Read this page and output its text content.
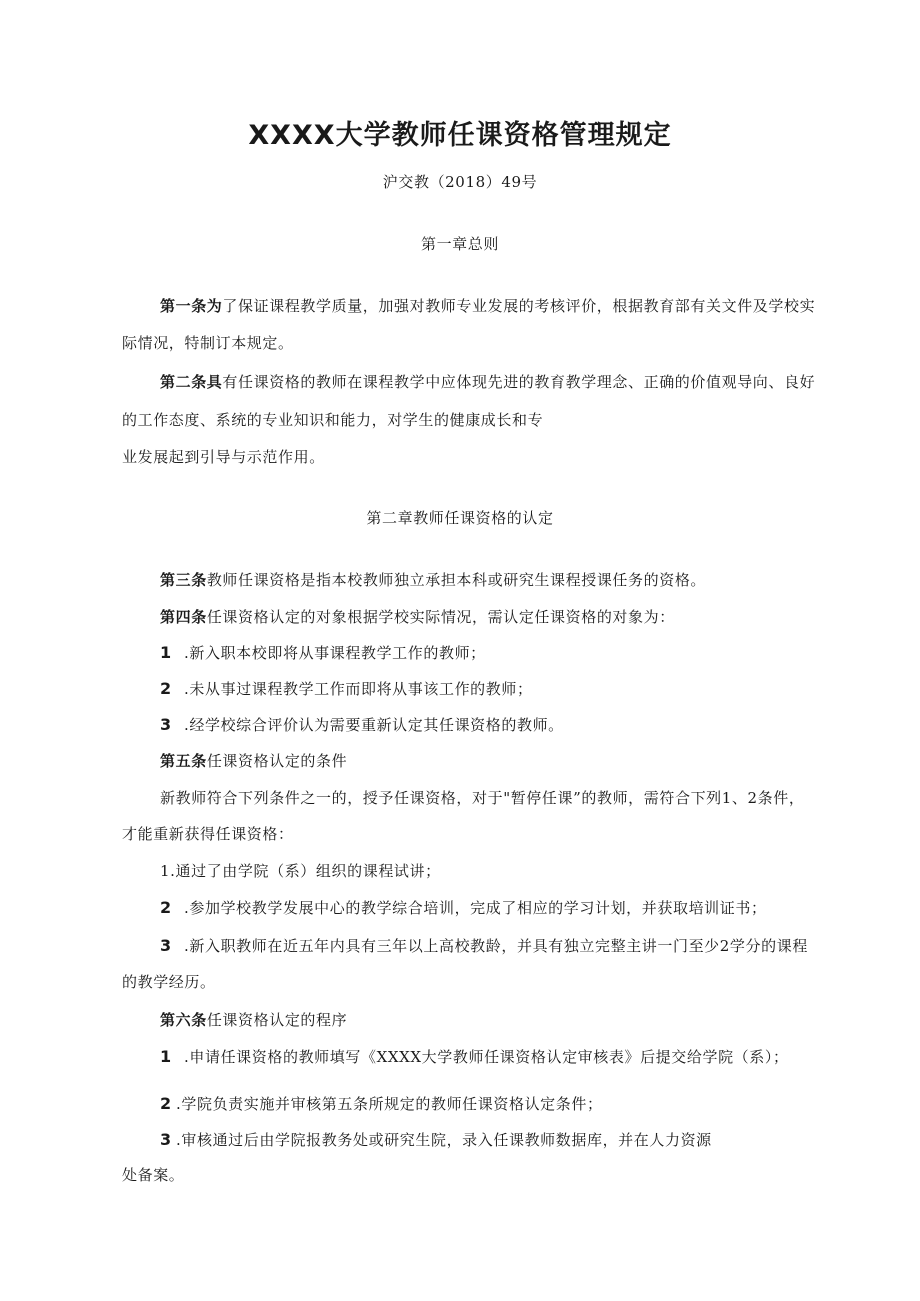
XXXX大学教师任课资格管理规定
沪交教（2018）49号
第一章总则
第一条为了保证课程教学质量，加强对教师专业发展的考核评价，根据教育部有关文件及学校实
际情况，特制订本规定。
第二条具有任课资格的教师在课程教学中应体现先进的教育教学理念、正确的价值观导向、良好
的工作态度、系统的专业知识和能力，对学生的健康成长和专
业发展起到引导与示范作用。
第二章教师任课资格的认定
第三条教师任课资格是指本校教师独立承担本科或研究生课程授课任务的资格。
第四条任课资格认定的对象根据学校实际情况，需认定任课资格的对象为：
1 .新入职本校即将从事课程教学工作的教师；
2 .未从事过课程教学工作而即将从事该工作的教师；
3 .经学校综合评价认为需要重新认定其任课资格的教师。
第五条任课资格认定的条件
新教师符合下列条件之一的，授予任课资格，对于"暂停任课”的教师，需符合下列1、2条件，
才能重新获得任课资格：
1.通过了由学院（系）组织的课程试讲；
2 .参加学校教学发展中心的教学综合培训，完成了相应的学习计划，并获取培训证书；
3 .新入职教师在近五年内具有三年以上高校教龄，并具有独立完整主讲一门至少2学分的课程
的教学经历。
第六条任课资格认定的程序
1 .申请任课资格的教师填写《XXXX大学教师任课资格认定审核表》后提交给学院（系）；
2 .学院负责实施并审核第五条所规定的教师任课资格认定条件；
3 .审核通过后由学院报教务处或研究生院，录入任课教师数据库，并在人力资源
处备案。
